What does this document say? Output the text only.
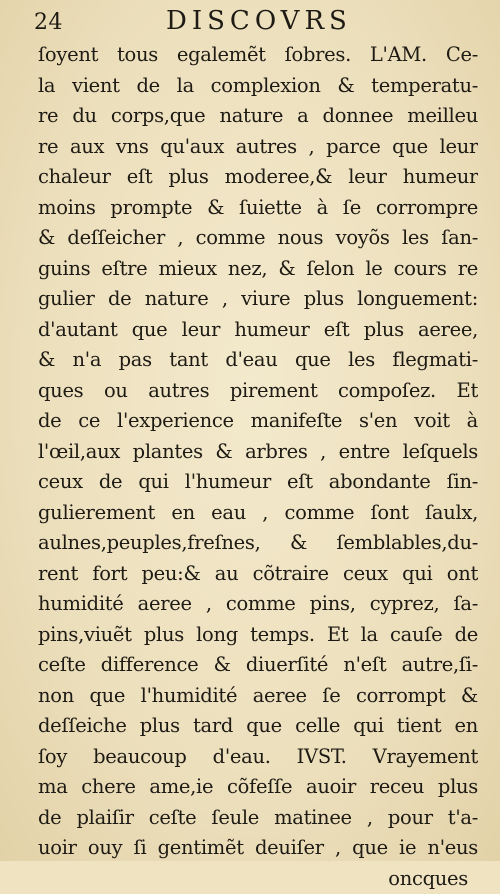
24	DISCOVRS
ſoyent tous egalemẽt ſobres. L'AM. Ce-
la vient de la complexion & temperatu-
re du corps,que nature a donnee meilleu
re aux vns qu'aux autres , parce que leur
chaleur eſt plus moderee,& leur humeur
moins prompte & ſuiette à ſe corrompre
& deſſeicher , comme nous voyõs les ſan-
guins eſtre mieux nez, & ſelon le cours re
gulier de nature , viure plus longuement:
d'autant que leur humeur eſt plus aeree,
& n'a pas tant d'eau que les flegmati-
ques ou autres pirement compoſez. Et
de ce l'experience manifeſte s'en voit à
l'œil,aux plantes & arbres , entre leſquels
ceux de qui l'humeur eſt abondante ſin-
gulierement en eau , comme ſont ſaulx,
aulnes,peuples,freſnes, & ſemblables,du-
rent fort peu:& au cõtraire ceux qui ont
humidité aeree , comme pins, cyprez, ſa-
pins,viuẽt plus long temps. Et la cauſe de
ceſte difference & diuerſité n'eſt autre,ſi-
non que l'humidité aeree ſe corrompt &
deſſeiche plus tard que celle qui tient en
ſoy beaucoup d'eau. IVST. Vrayement
ma chere ame,ie cõfeſſe auoir receu plus
de plaiſir ceſte ſeule matinee , pour t'a-
uoir ouy ſi gentimẽt deuiſer , que ie n'eus
oncques
